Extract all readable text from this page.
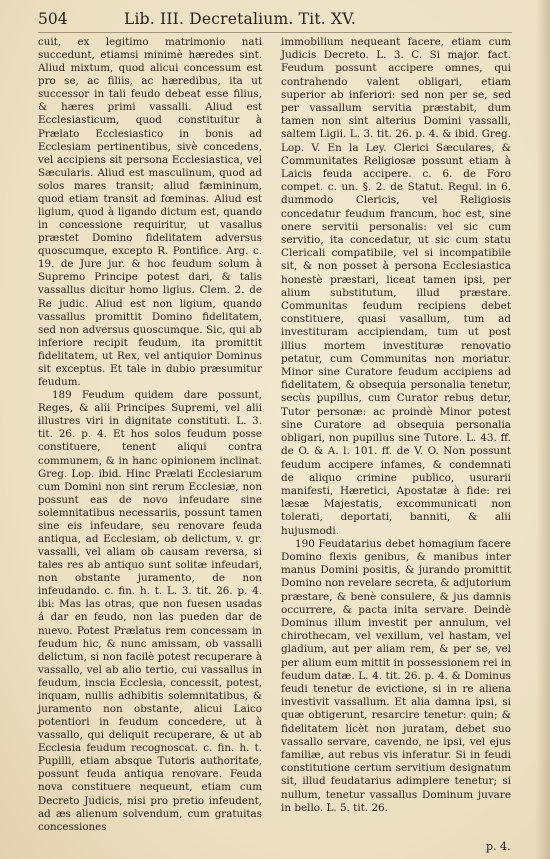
504	Lib. III. Decretalium. Tit. XV.

cuit, ex legitimo matrimonio nati succedunt, etiamsi minimè hæredes sint. Aliud mixtum, quod alicui concessum est pro se, ac filiis, ac hæredibus, ita ut successor in tali feudo debeat esse filius, & hæres primi vassalli. Aliud est Ecclesiasticum, quod constituitur à Prælato Ecclesiastico in bonis ad Ecclesiam pertinentibus, sivè concedens, vel accipiens sit persona Ecclesiastica, vel Sæcularis. Aliud est masculinum, quod ad solos mares transit; aliud fæmininum, quod etiam transit ad fœminas. Aliud est ligium, quod à ligando dictum est, quando in concessione requiritur, ut vasallus præstet Domino fidelitatem adversus quoscumque, excepto R. Pontifice. Arg. c. 19. de Jure jur. & hoc feudum solum à Supremo Principe potest dari, & talis vassallus dicitur homo ligius. Clem. 2. de Re judic. Aliud est non ligium, quando vassallus promittit Domino fidelitatem, sed non adversus quoscumque. Sic, qui ab inferiore recipit feudum, ita promittit fidelitatem, ut Rex, vel antiquior Dominus sit exceptus. Et tale in dubio præsumitur feudum.

189 Feudum quidem dare possunt, Reges, & alii Principes Supremi, vel alii illustres viri in dignitate constituti. L. 3. tit. 26. p. 4. Et hos solos feudum posse constituere, tenent aliqui contra communem, & in hanc opinionem inclinat. Greg. Lop. ibid. Hinc Prælati Ecclesiarum cum Domini non sint rerum Ecclesiæ, non possunt eas de novo infeudare sine solemnitatibus necessariis, possunt tamen sine eis infeudare, seu renovare feuda antiqua, ad Ecclesiam, ob delictum, v. gr. vassalli, vel aliam ob causam reversa, si tales res ab antiquo sunt solitæ infeudari, non obstante juramento, de non infeudando. c. fin. h. t. L. 3. tit. 26. p. 4. ibi: Mas las otras, que non fuesen usadas á dar en feudo, non las pueden dar de nuevo. Potest Prælatus rem concessam in feudum hic, & nunc amissam, ob vassalli delictum, si non facilè potest recuperare à vassallo, vel ab alio tertio, cui vassallus in feudum, inscia Ecclesia, concessit, potest, inquam, nullis adhibitis solemnitatibus, & juramento non obstante, alicui Laico potentiori in feudum concedere, ut à vassallo, qui deliquit recuperare, & ut ab Ecclesia feudum recognoscat. c. fin. h. t. Pupilli, etiam absque Tutoris authoritate, possunt feuda antiqua renovare. Feuda nova constituere nequeunt, etiam cum Decreto Judicis, nisi pro pretio infeudent, ad æs alienum solvendum, cum gratuitas concessiones

immobilium nequeant facere, etiam cum Judicis Decreto. L. 3. C. Si major. fact. Feudum possunt accipere omnes, qui contrahendo valent obligari, etiam superior ab inferiori: sed non per se, sed per vassallum servitia præstabit, dum tamen non sint alterius Domini vassalli, saltem Ligii. L. 3. tit. 26. p. 4. & ibid. Greg. Lop. V. En la Ley. Clerici Sæculares, & Communitates Religiosæ possunt etiam à Laicis feuda accipere. c. 6. de Foro compet. c. un. §. 2. de Statut. Regul. in 6. dummodo Clericis, vel Religiosis concedatur feudum francum, hoc est, sine onere servitii personalis: vel sic cum servitio, ita concedatur, ut sic cum statu Clericali compatibile, vel si incompatibile sit, & non posset à persona Ecclesiastica honestè præstari, liceat tamen ipsi, per alium substitutum, illud præstare. Communitas feudum recipiens debet constituere, quasi vasallum, tum ad investituram accipiendam, tum ut post illius mortem investituræ renovatio petatur, cum Communitas non moriatur. Minor sine Curatore feudum accipiens ad fidelitatem, & obsequia personalia tenetur, secùs pupillus, cum Curator rebus detur, Tutor personæ: ac proindè Minor potest sine Curatore ad obsequia personalia obligari, non pupillus sine Tutore. L. 43. ff. de O. & A. l. 101. ff. de V. O. Non possunt feudum accipere infames, & condemnati de aliquo crimine publico, usurarii manifesti, Hæretici, Apostatæ à fide: rei læsæ Majestatis, excommunicati non tolerati, deportati, banniti, & alii hujusmodi.

190 Feudatarius debet homagium facere Domino flexis genibus, & manibus inter manus Domini positis, & jurando promittit Domino non revelare secreta, & adjutorium præstare, & benè consulere, & jus damnis occurrere, & pacta inita servare. Deindè Dominus illum investit per annulum, vel chirothecam, vel vexillum, vel hastam, vel gladium, aut per aliam rem, & per se, vel per alium eum mittit in possessionem rei in feudum datæ. L. 4. tit. 26. p. 4. & Dominus feudi tenetur de evictione, si in re aliena investivit vassallum. Et alia damna ipsi, si quæ obtigerunt, resarcire tenetur: quin; & fidelitatem licèt non juratam, debet suo vassallo servare, cavendo, ne ipsi, vel ejus familiæ, aut rebus vis inferatur. Si in feudi constitutione certum servitium designatum sit, illud feudatarius adimplere tenetur; si nullum, tenetur vassallus Dominum juvare in bello. L. 5. tit. 26.

p. 4.
